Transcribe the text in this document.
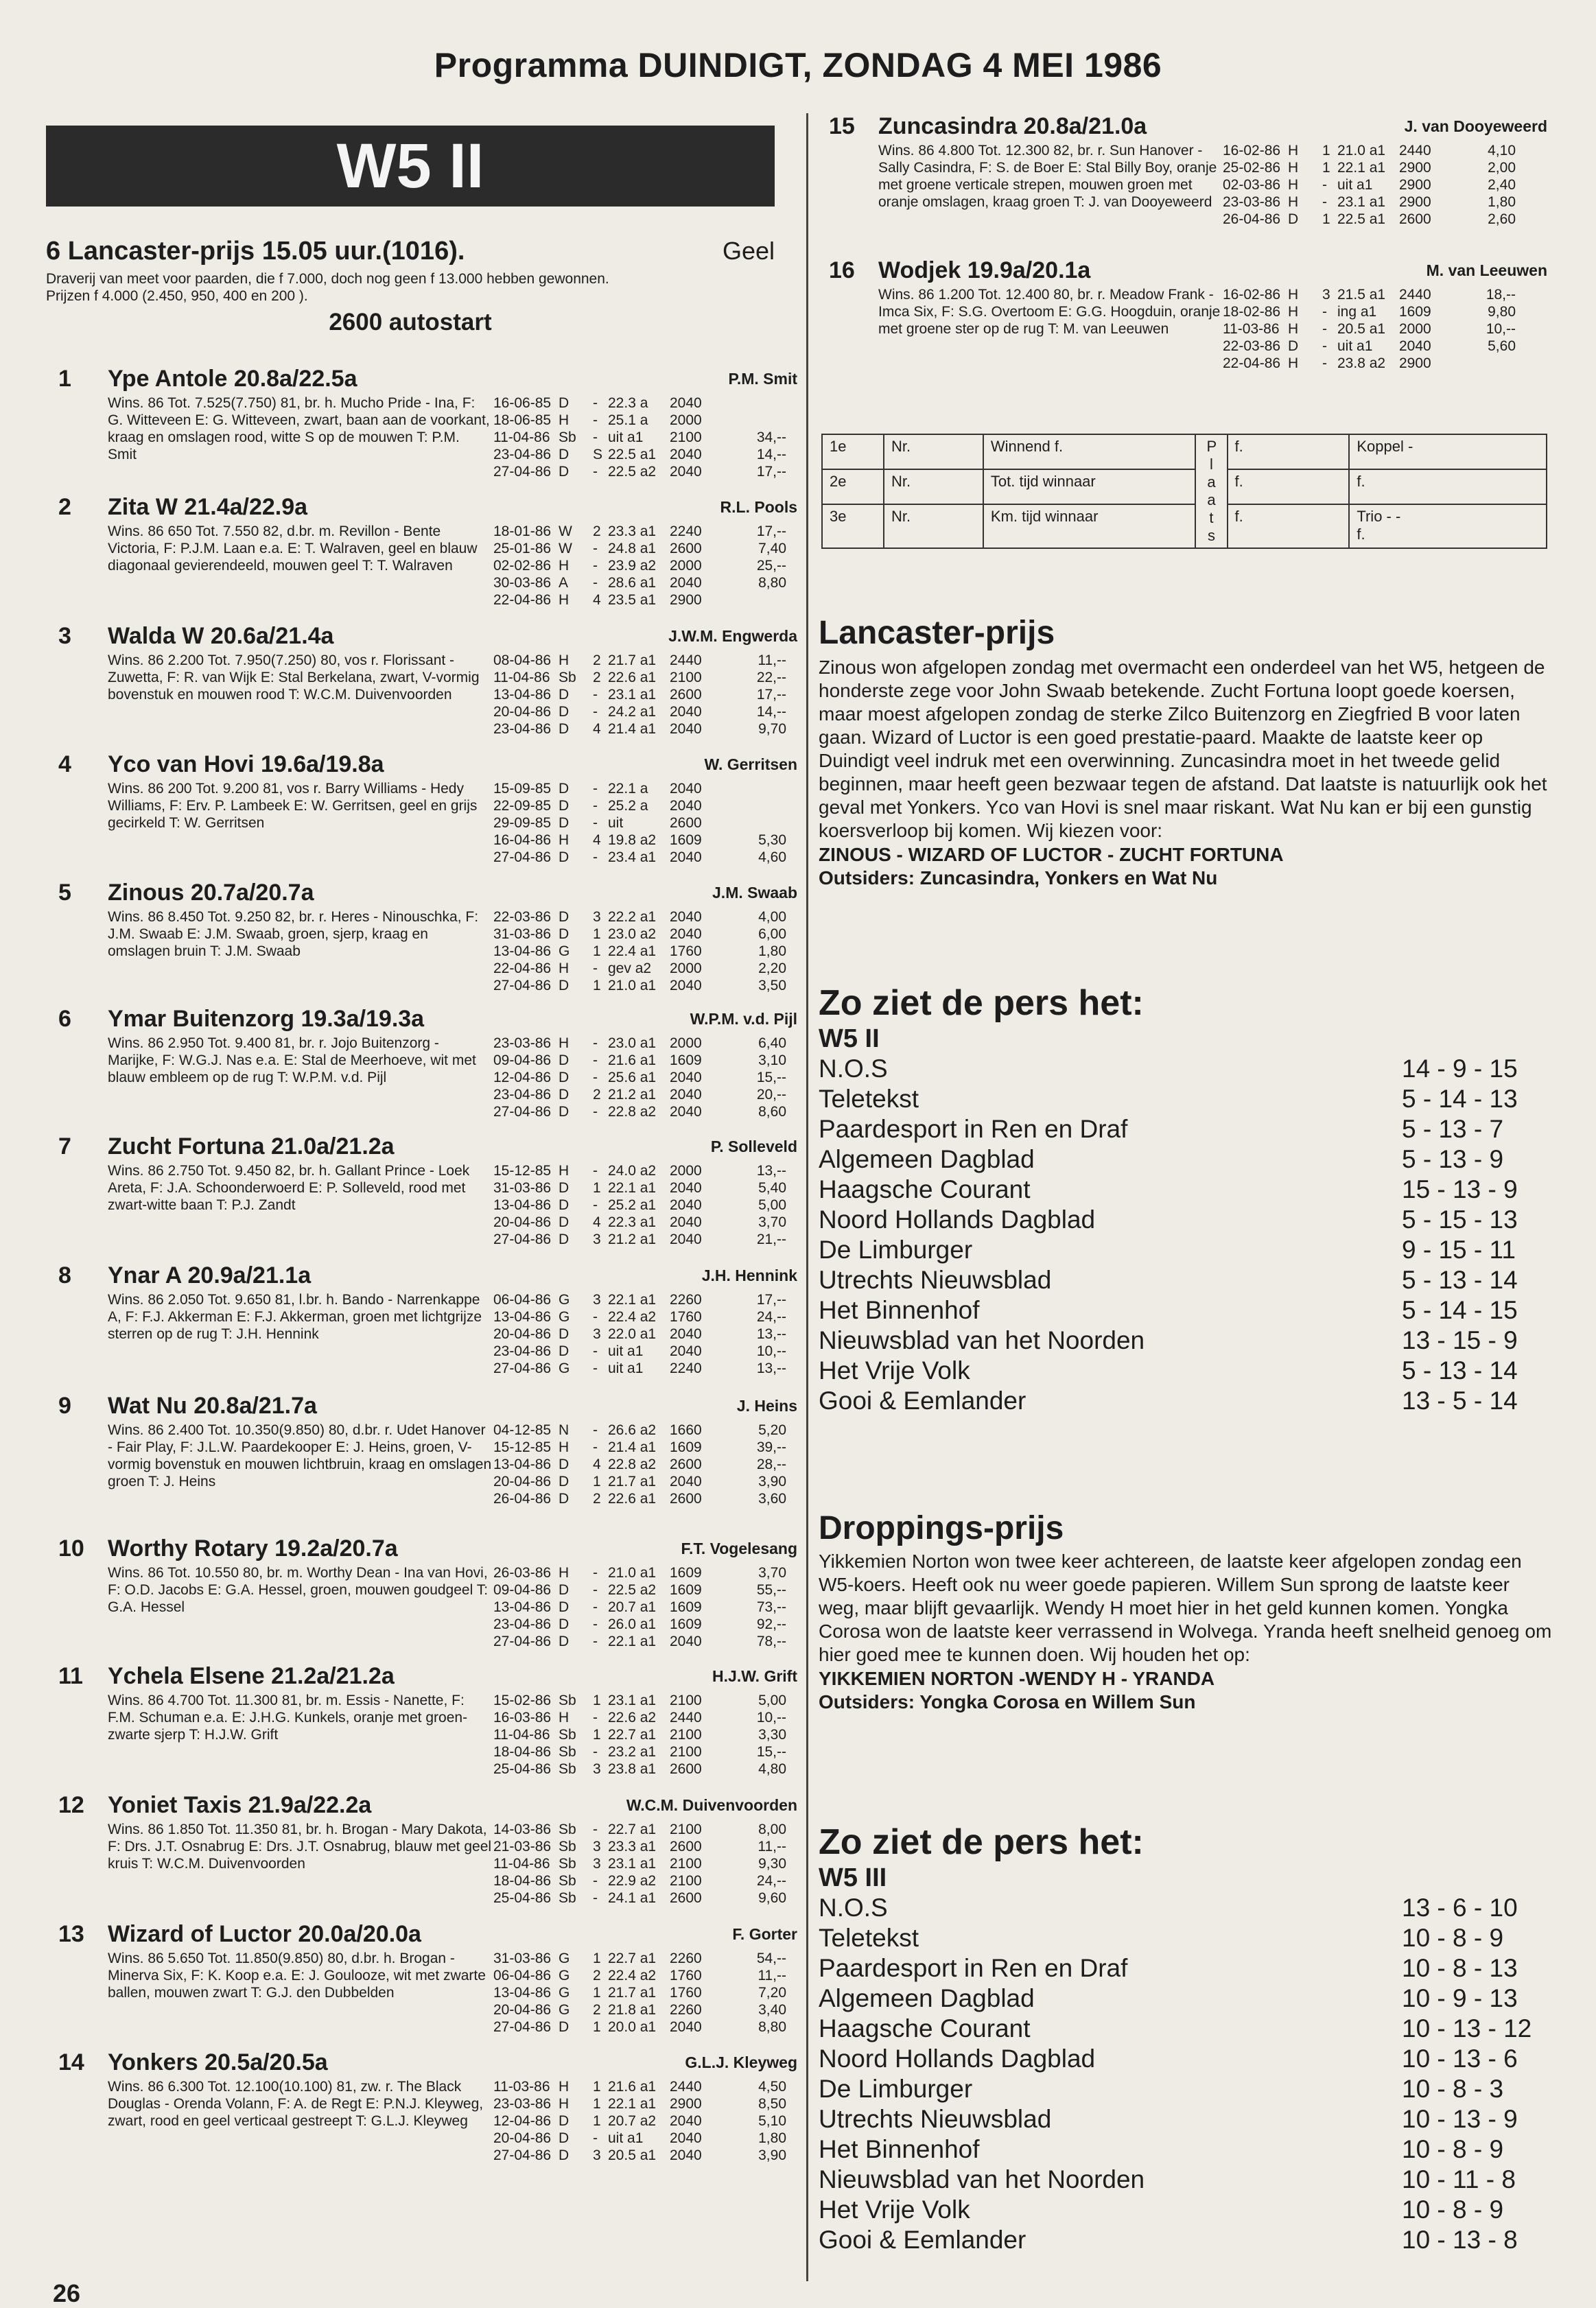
Programma DUINDIGT, ZONDAG 4 MEI 1986
W5 II
6 Lancaster-prijs 15.05 uur.(1016).	Geel
Draverij van meet voor paarden, die f 7.000, doch nog geen f 13.000 hebben gewonnen.
Prijzen f 4.000 (2.450, 950, 400 en 200 ).
2600 autostart
1 Ype Antole 20.8a/22.5a	P.M. Smit
Wins. 86 Tot. 7.525(7.750) 81, br. h. Mucho Pride - Ina, F: G. Witteveen E: G. Witteveen, zwart, baan aan de voorkant, kraag en omslagen rood, witte S op de mouwen T: P.M. Smit
16-06-85 D	- 22.3 a	2040
18-06-85 H	- 25.1 a	2000
11-04-86 Sb	- uit a1	2100	34,--
23-04-86 D	S 22.5 a1 2040	14,--
27-04-86 D	- 22.5 a2 2040	17,--
2 Zita W 21.4a/22.9a	R.L. Pools
Wins. 86 650 Tot. 7.550 82, d.br. m. Revillon - Bente Victoria, F: P.J.M. Laan e.a. E: T. Walraven, geel en blauw diagonaal gevierendeeld, mouwen geel T: T. Walraven
18-01-86 W	2 23.3 a1 2240	17,--
25-01-86 W	- 24.8 a1 2600	7,40
02-02-86 H	- 23.9 a2 2000	25,--
30-03-86 A	- 28.6 a1 2040	8,80
22-04-86 H	4 23.5 a1 2900
3 Walda W 20.6a/21.4a	J.W.M. Engwerda
Wins. 86 2.200 Tot. 7.950(7.250) 80, vos r. Florissant - Zuwetta, F: R. van Wijk E: Stal Berkelana, zwart, V-vormig bovenstuk en mouwen rood T: W.C.M. Duivenvoorden
08-04-86 H	2 21.7 a1 2440	11,--
11-04-86 Sb	2 22.6 a1 2100	22,--
13-04-86 D	- 23.1 a1 2600	17,--
20-04-86 D	- 24.2 a1 2040	14,--
23-04-86 D	4 21.4 a1 2040	9,70
4 Yco van Hovi 19.6a/19.8a	W. Gerritsen
Wins. 86 200 Tot. 9.200 81, vos r. Barry Williams - Hedy Williams, F: Erv. P. Lambeek E: W. Gerritsen, geel en grijs gecirkeld T: W. Gerritsen
15-09-85 D	- 22.1 a	2040
22-09-85 D	- 25.2 a	2040
29-09-85 D	- uit	2600
16-04-86 H	4 19.8 a2 1609	5,30
27-04-86 D	- 23.4 a1 2040	4,60
5 Zinous 20.7a/20.7a	J.M. Swaab
Wins. 86 8.450 Tot. 9.250 82, br. r. Heres - Ninouschka, F: J.M. Swaab E: J.M. Swaab, groen, sjerp, kraag en omslagen bruin T: J.M. Swaab
22-03-86 D	3 22.2 a1 2040	4,00
31-03-86 D	1 23.0 a2 2040	6,00
13-04-86 G	1 22.4 a1 1760	1,80
22-04-86 H	- gev a2	2000	2,20
27-04-86 D	1 21.0 a1 2040	3,50
6 Ymar Buitenzorg 19.3a/19.3a	W.P.M. v.d. Pijl
Wins. 86 2.950 Tot. 9.400 81, br. r. Jojo Buitenzorg - Marijke, F: W.G.J. Nas e.a. E: Stal de Meerhoeve, wit met blauw embleem op de rug T: W.P.M. v.d. Pijl
23-03-86 H	- 23.0 a1 2000	6,40
09-04-86 D	- 21.6 a1 1609	3,10
12-04-86 D	- 25.6 a1 2040	15,--
23-04-86 D	2 21.2 a1 2040	20,--
27-04-86 D	- 22.8 a2 2040	8,60
7 Zucht Fortuna 21.0a/21.2a	P. Solleveld
Wins. 86 2.750 Tot. 9.450 82, br. h. Gallant Prince - Loek Areta, F: J.A. Schoonderwoerd E: P. Solleveld, rood met zwart-witte baan T: P.J. Zandt
15-12-85 H	- 24.0 a2 2000	13,--
31-03-86 D	1 22.1 a1 2040	5,40
13-04-86 D	- 25.2 a1 2040	5,00
20-04-86 D	4 22.3 a1 2040	3,70
27-04-86 D	3 21.2 a1 2040	21,--
8 Ynar A 20.9a/21.1a	J.H. Hennink
Wins. 86 2.050 Tot. 9.650 81, l.br. h. Bando - Narrenkappe A, F: F.J. Akkerman E: F.J. Akkerman, groen met lichtgrijze sterren op de rug T: J.H. Hennink
06-04-86 G	3 22.1 a1 2260	17,--
13-04-86 G	- 22.4 a2 1760	24,--
20-04-86 D	3 22.0 a1 2040	13,--
23-04-86 D	- uit a1	2040	10,--
27-04-86 G	- uit a1	2240	13,--
9 Wat Nu 20.8a/21.7a	J. Heins
Wins. 86 2.400 Tot. 10.350(9.850) 80, d.br. r. Udet Hanover - Fair Play, F: J.L.W. Paardekooper E: J. Heins, groen, V-vormig bovenstuk en mouwen lichtbruin, kraag en omslagen groen T: J. Heins
04-12-85 N	- 26.6 a2 1660	5,20
15-12-85 H	- 21.4 a1 1609	39,--
13-04-86 D	4 22.8 a2 2600	28,--
20-04-86 D	1 21.7 a1 2040	3,90
26-04-86 D	2 22.6 a1 2600	3,60
10 Worthy Rotary 19.2a/20.7a	F.T. Vogelesang
Wins. 86 Tot. 10.550 80, br. m. Worthy Dean - Ina van Hovi, F: O.D. Jacobs E: G.A. Hessel, groen, mouwen goudgeel T: G.A. Hessel
26-03-86 H	- 21.0 a1 1609	3,70
09-04-86 D	- 22.5 a2 1609	55,--
13-04-86 D	- 20.7 a1 1609	73,--
23-04-86 D	- 26.0 a1 1609	92,--
27-04-86 D	- 22.1 a1 2040	78,--
11 Ychela Elsene 21.2a/21.2a	H.J.W. Grift
Wins. 86 4.700 Tot. 11.300 81, br. m. Essis - Nanette, F: F.M. Schuman e.a. E: J.H.G. Kunkels, oranje met groen-zwarte sjerp T: H.J.W. Grift
15-02-86 Sb	1 23.1 a1 2100	5,00
16-03-86 H	- 22.6 a2 2440	10,--
11-04-86 Sb	1 22.7 a1 2100	3,30
18-04-86 Sb	- 23.2 a1 2100	15,--
25-04-86 Sb	3 23.8 a1 2600	4,80
12 Yoniet Taxis 21.9a/22.2a	W.C.M. Duivenvoorden
Wins. 86 1.850 Tot. 11.350 81, br. h. Brogan - Mary Dakota, F: Drs. J.T. Osnabrug E: Drs. J.T. Osnabrug, blauw met geel kruis T: W.C.M. Duivenvoorden
14-03-86 Sb	- 22.7 a1 2100	8,00
21-03-86 Sb	3 23.3 a1 2600	11,--
11-04-86 Sb	3 23.1 a1 2100	9,30
18-04-86 Sb	- 22.9 a2 2100	24,--
25-04-86 Sb	- 24.1 a1 2600	9,60
13 Wizard of Luctor 20.0a/20.0a	F. Gorter
Wins. 86 5.650 Tot. 11.850(9.850) 80, d.br. h. Brogan - Minerva Six, F: K. Koop e.a. E: J. Goulooze, wit met zwarte ballen, mouwen zwart T: G.J. den Dubbelden
31-03-86 G	1 22.7 a1 2260	54,--
06-04-86 G	2 22.4 a2 1760	11,--
13-04-86 G	1 21.7 a1 1760	7,20
20-04-86 G	2 21.8 a1 2260	3,40
27-04-86 D	1 20.0 a1 2040	8,80
14 Yonkers 20.5a/20.5a	G.L.J. Kleyweg
Wins. 86 6.300 Tot. 12.100(10.100) 81, zw. r. The Black Douglas - Orenda Volann, F: A. de Regt E: P.N.J. Kleyweg, zwart, rood en geel verticaal gestreept T: G.L.J. Kleyweg
11-03-86 H	1 21.6 a1 2440	4,50
23-03-86 H	1 22.1 a1 2900	8,50
12-04-86 D	1 20.7 a2 2040	5,10
20-04-86 D	- uit a1	2040	1,80
27-04-86 D	3 20.5 a1 2040	3,90
15 Zuncasindra 20.8a/21.0a	J. van Dooyeweerd
Wins. 86 4.800 Tot. 12.300 82, br. r. Sun Hanover - Sally Casindra, F: S. de Boer E: Stal Billy Boy, oranje met groene verticale strepen, mouwen groen met oranje omslagen, kraag groen T: J. van Dooyeweerd
16-02-86 H	1 21.0 a1 2440	4,10
25-02-86 H	1 22.1 a1 2900	2,00
02-03-86 H	- uit a1	2900	2,40
23-03-86 H	- 23.1 a1 2900	1,80
26-04-86 D	1 22.5 a1 2600	2,60
16 Wodjek 19.9a/20.1a	M. van Leeuwen
Wins. 86 1.200 Tot. 12.400 80, br. r. Meadow Frank - Imca Six, F: S.G. Overtoom E: G.G. Hoogduin, oranje met groene ster op de rug T: M. van Leeuwen
16-02-86 H	3 21.5 a1 2440	18,--
18-02-86 H	- ing a1	1609	9,80
11-03-86 H	- 20.5 a1 2000	10,--
22-03-86 D	- uit a1	2040	5,60
22-04-86 H	- 23.8 a2 2900
1e	Nr.	Winnend f.	Plaats	f.	Koppel -
2e	Nr.	Tot. tijd winnaar		f.	f.
3e	Nr.	Km. tijd winnaar		f.	Trio - -
f.
Lancaster-prijs
Zinous won afgelopen zondag met overmacht een onderdeel van het W5, hetgeen de honderste zege voor John Swaab betekende. Zucht Fortuna loopt goede koersen, maar moest afgelopen zondag de sterke Zilco Buitenzorg en Ziegfried B voor laten gaan. Wizard of Luctor is een goed prestatie-paard. Maakte de laatste keer op Duindigt veel indruk met een overwinning. Zuncasindra moet in het tweede gelid beginnen, maar heeft geen bezwaar tegen de afstand. Dat laatste is natuurlijk ook het geval met Yonkers. Yco van Hovi is snel maar riskant. Wat Nu kan er bij een gunstig koersverloop bij komen. Wij kiezen voor:
ZINOUS - WIZARD OF LUCTOR - ZUCHT FORTUNA
Outsiders: Zuncasindra, Yonkers en Wat Nu
Zo ziet de pers het:
W5 II
N.O.S	14 - 9 - 15
Teletekst	5 - 14 - 13
Paardesport in Ren en Draf	5 - 13 - 7
Algemeen Dagblad	5 - 13 - 9
Haagsche Courant	15 - 13 - 9
Noord Hollands Dagblad	5 - 15 - 13
De Limburger	9 - 15 - 11
Utrechts Nieuwsblad	5 - 13 - 14
Het Binnenhof	5 - 14 - 15
Nieuwsblad van het Noorden	13 - 15 - 9
Het Vrije Volk	5 - 13 - 14
Gooi & Eemlander	13 - 5 - 14
Droppings-prijs
Yikkemien Norton won twee keer achtereen, de laatste keer afgelopen zondag een W5-koers. Heeft ook nu weer goede papieren. Willem Sun sprong de laatste keer weg, maar blijft gevaarlijk. Wendy H moet hier in het geld kunnen komen. Yongka Corosa won de laatste keer verrassend in Wolvega. Yranda heeft snelheid genoeg om hier goed mee te kunnen doen. Wij houden het op:
YIKKEMIEN NORTON -WENDY H - YRANDA
Outsiders: Yongka Corosa en Willem Sun
Zo ziet de pers het:
W5 III
N.O.S	13 - 6 - 10
Teletekst	10 - 8 - 9
Paardesport in Ren en Draf	10 - 8 - 13
Algemeen Dagblad	10 - 9 - 13
Haagsche Courant	10 - 13 - 12
Noord Hollands Dagblad	10 - 13 - 6
De Limburger	10 - 8 - 3
Utrechts Nieuwsblad	10 - 13 - 9
Het Binnenhof	10 - 8 - 9
Nieuwsblad van het Noorden	10 - 11 - 8
Het Vrije Volk	10 - 8 - 9
Gooi & Eemlander	10 - 13 - 8
26
